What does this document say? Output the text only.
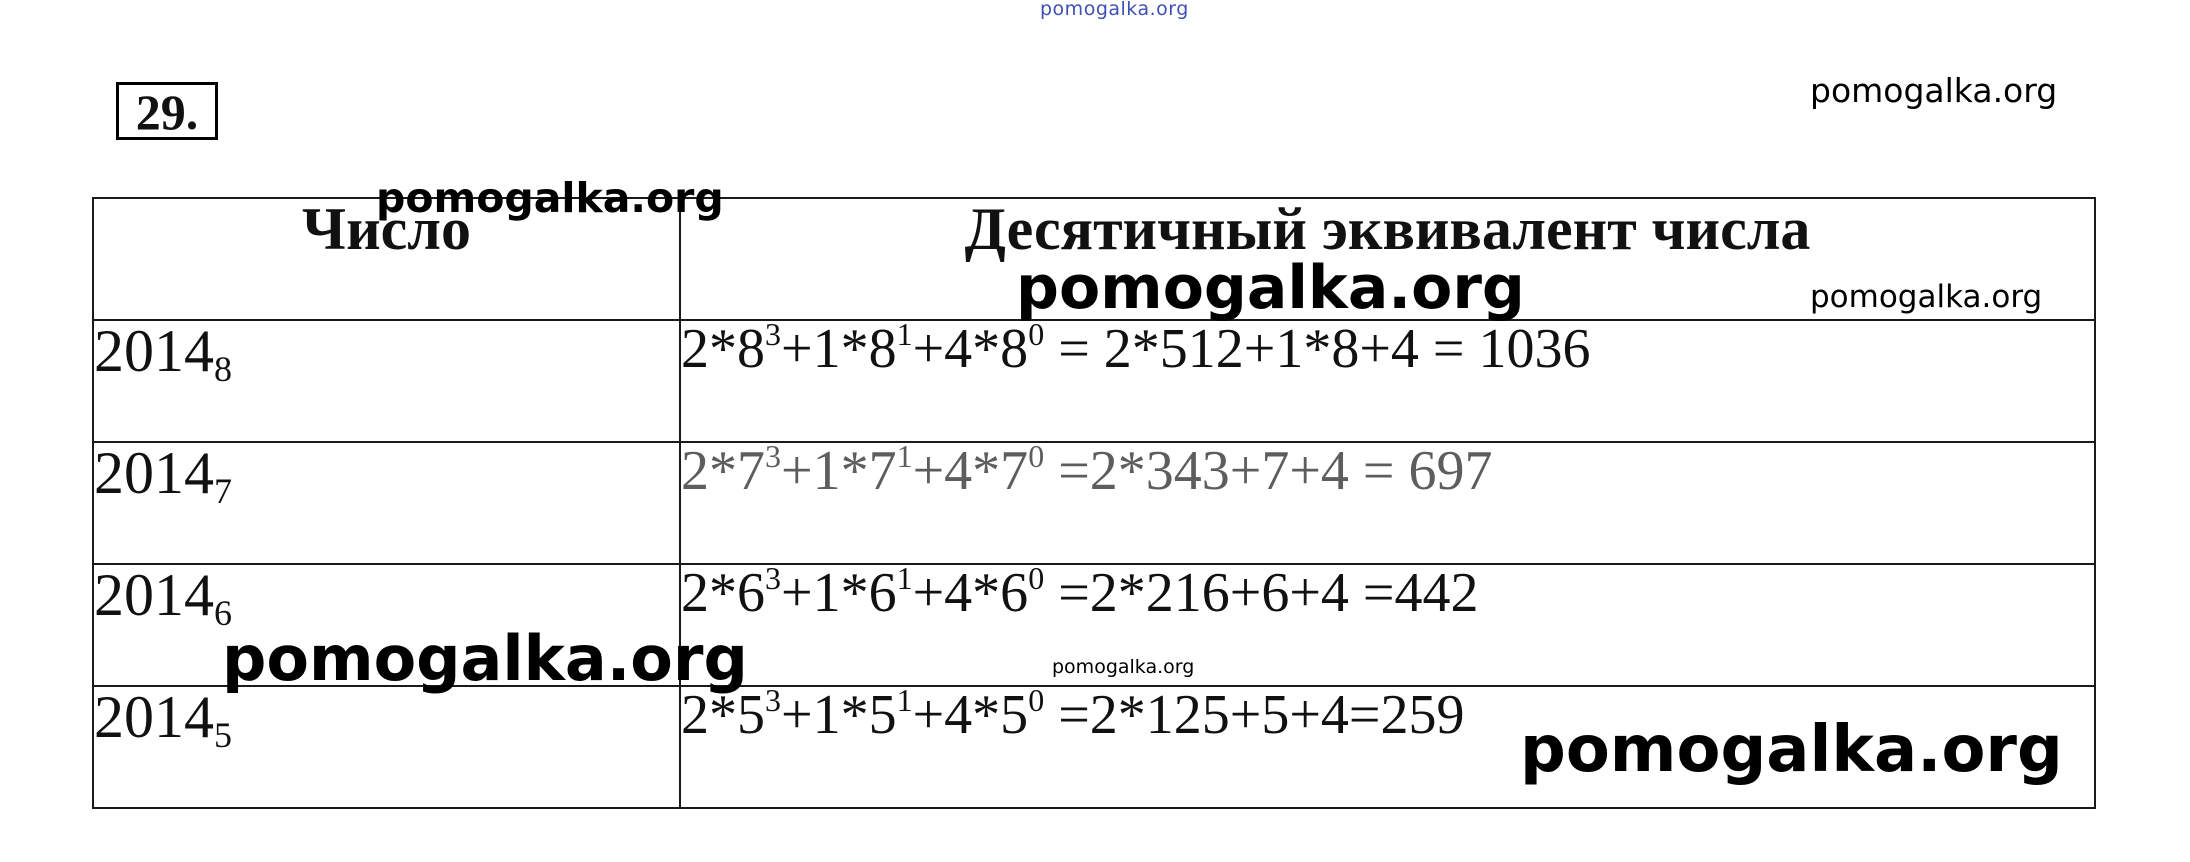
pomogalka.org
pomogalka.org
29.
Число	Десятичный эквивалент числа
$2014_8$	$2*8^3+1*8^1+4*8^0 = 2*512+1*8+4 = 1036$
$2014_7$	$2*7^3+1*7^1+4*7^0 =2*343+7+4 = 697$
$2014_6$	$2*6^3+1*6^1+4*6^0 =2*216+6+4 =442$
$2014_5$	$2*5^3+1*5^1+4*5^0 =2*125+5+4=259$
pomogalka.org
pomogalka.org	pomogalka.org
pomogalka.org	pomogalka.org
pomogalka.org
